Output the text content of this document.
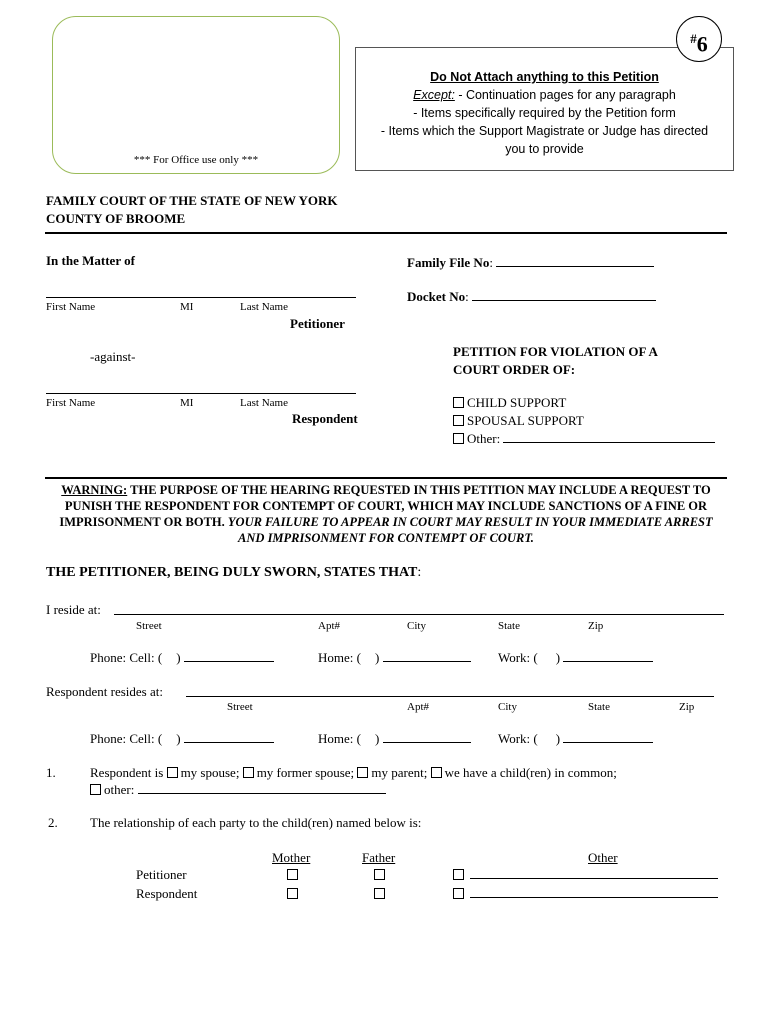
*** For Office use only ***
Do Not Attach anything to this Petition
Except: - Continuation pages for any paragraph
- Items specifically required by the Petition form
- Items which the Support Magistrate or Judge has directed
you to provide
#6
FAMILY COURT OF THE STATE OF NEW YORK
COUNTY OF BROOME
In the Matter of
First Name	MI	Last Name
Petitioner
-against-
First Name	MI	Last Name
Respondent
Family File No:
Docket No:
PETITION FOR VIOLATION OF A
COURT ORDER OF:
CHILD SUPPORT
SPOUSAL SUPPORT
Other:
WARNING: THE PURPOSE OF THE HEARING REQUESTED IN THIS PETITION MAY INCLUDE A REQUEST TO PUNISH THE RESPONDENT FOR CONTEMPT OF COURT, WHICH MAY INCLUDE SANCTIONS OF A FINE OR IMPRISONMENT OR BOTH. YOUR FAILURE TO APPEAR IN COURT MAY RESULT IN YOUR IMMEDIATE ARREST AND IMPRISONMENT FOR CONTEMPT OF COURT.
THE PETITIONER, BEING DULY SWORN, STATES THAT:
I reside at:
Street	Apt#	City	State	Zip
Phone: Cell: ( )	Home: ( )	Work: ( )
Respondent resides at:
Street	Apt#	City	State	Zip
Phone: Cell: ( )	Home: ( )	Work: ( )
1.	Respondent is my spouse; my former spouse; my parent; we have a child(ren) in common;
other:
2. The relationship of each party to the child(ren) named below is:
Mother	Father	Other
Petitioner

Respondent
